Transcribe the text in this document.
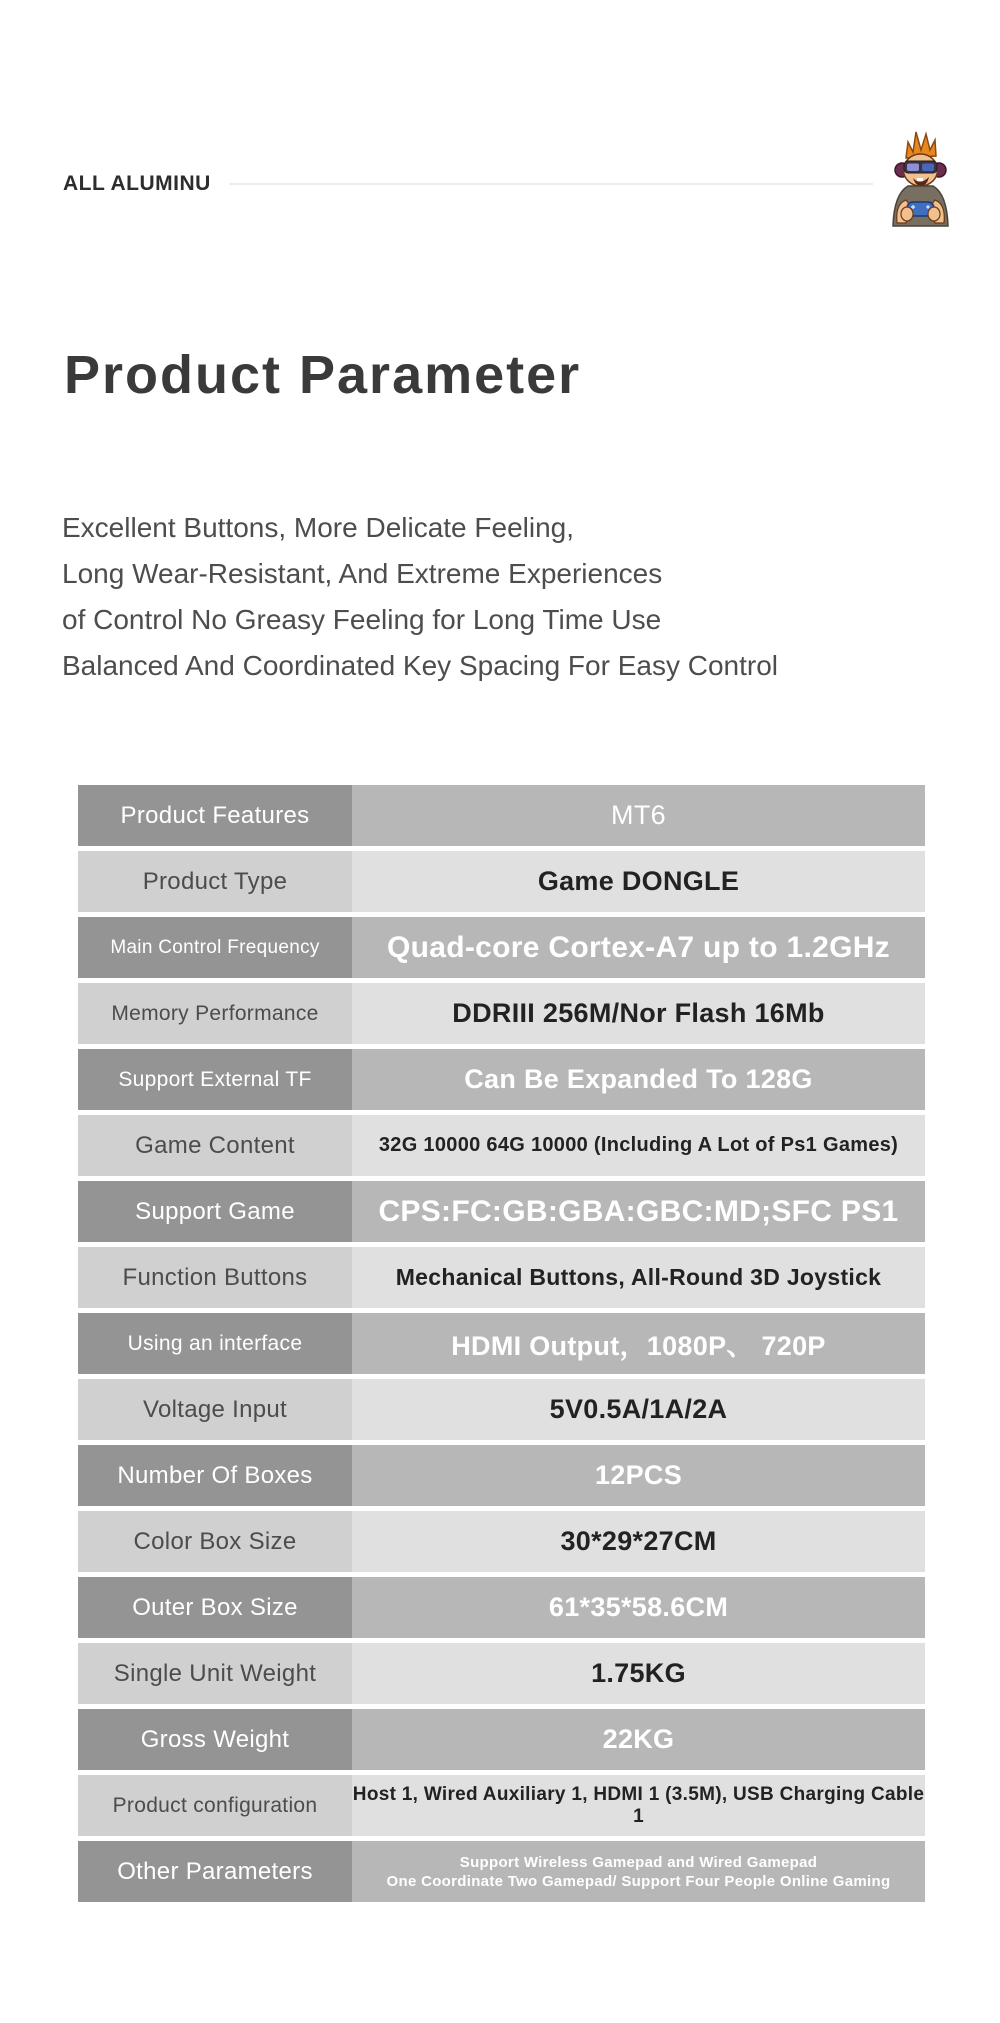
ALL ALUMINU
Product Parameter
Excellent Buttons, More Delicate Feeling,
Long Wear-Resistant, And Extreme Experiences
of Control No Greasy Feeling for Long Time Use
Balanced And Coordinated Key Spacing For Easy Control
Product Features	MT6
Product Type	Game DONGLE
Main Control Frequency	Quad-core Cortex-A7 up to 1.2GHz
Memory Performance	DDRIII 256M/Nor Flash 16Mb
Support External TF	Can Be Expanded To 128G
Game Content	32G 10000 64G 10000 (Including A Lot of Ps1 Games)
Support Game	CPS:FC:GB:GBA:GBC:MD;SFC PS1
Function Buttons	Mechanical Buttons, All-Round 3D Joystick
Using an interface	HDMI Output，1080P、 720P
Voltage Input	5V0.5A/1A/2A
Number Of Boxes	12PCS
Color Box Size	30*29*27CM
Outer Box Size	61*35*58.6CM
Single Unit Weight	1.75KG
Gross Weight	22KG
Product configuration	Host 1, Wired Auxiliary 1, HDMI 1 (3.5M), USB Charging Cable 1
Other Parameters	Support Wireless Gamepad and Wired Gamepad
One Coordinate Two Gamepad/ Support Four People Online Gaming
